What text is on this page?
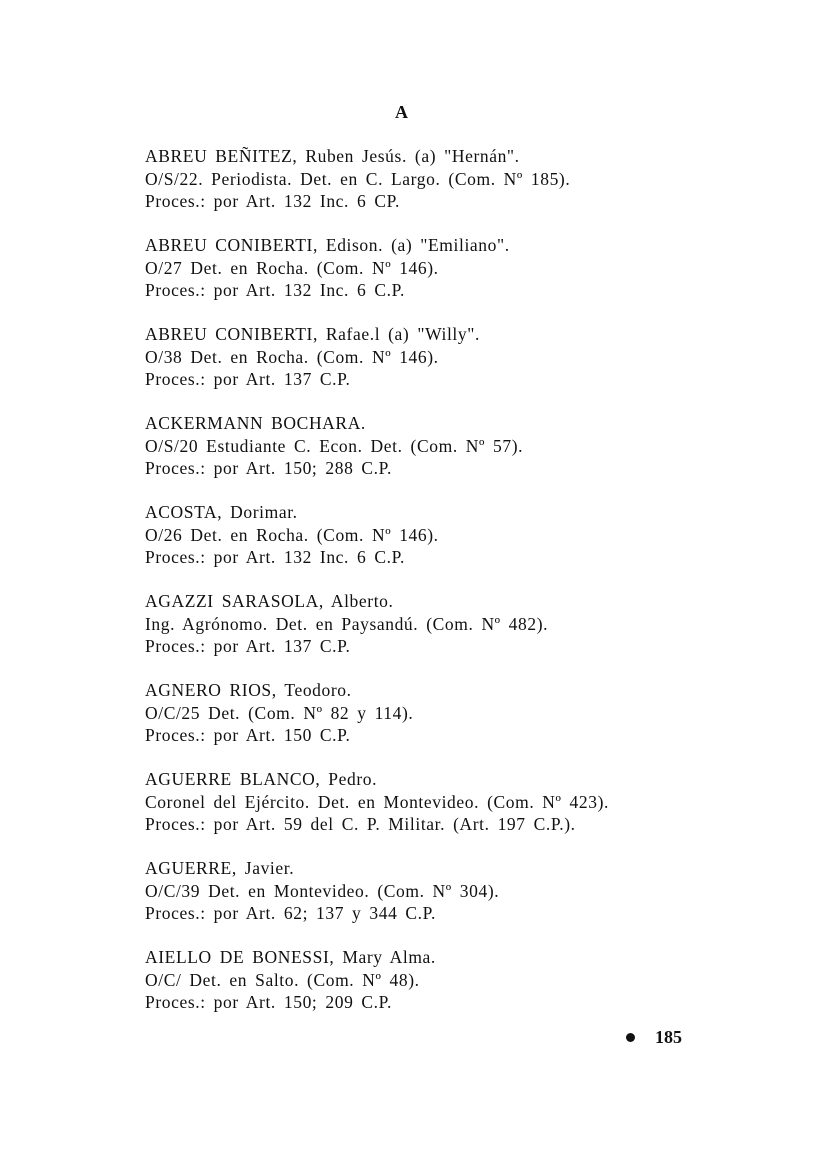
A
ABREU BEÑITEZ, Ruben Jesús. (a) "Hernán".
O/S/22. Periodista. Det. en C. Largo. (Com. Nº 185).
Proces.: por Art. 132 Inc. 6 CP.
ABREU CONIBERTI, Edison. (a) "Emiliano".
O/27 Det. en Rocha. (Com. Nº 146).
Proces.: por Art. 132 Inc. 6 C.P.
ABREU CONIBERTI, Rafae.l (a) "Willy".
O/38 Det. en Rocha. (Com. Nº 146).
Proces.: por Art. 137 C.P.
ACKERMANN BOCHARA.
O/S/20 Estudiante C. Econ. Det. (Com. Nº 57).
Proces.: por Art. 150; 288 C.P.
ACOSTA, Dorimar.
O/26 Det. en Rocha. (Com. Nº 146).
Proces.: por Art. 132 Inc. 6 C.P.
AGAZZI SARASOLA, Alberto.
Ing. Agrónomo. Det. en Paysandú. (Com. Nº 482).
Proces.: por Art. 137 C.P.
AGNERO RIOS, Teodoro.
O/C/25 Det. (Com. Nº 82 y 114).
Proces.: por Art. 150 C.P.
AGUERRE BLANCO, Pedro.
Coronel del Ejército. Det. en Montevideo. (Com. Nº 423).
Proces.: por Art. 59 del C. P. Militar. (Art. 197 C.P.).
AGUERRE, Javier.
O/C/39 Det. en Montevideo. (Com. Nº 304).
Proces.: por Art. 62; 137 y 344 C.P.
AIELLO DE BONESSI, Mary Alma.
O/C/ Det. en Salto. (Com. Nº 48).
Proces.: por Art. 150; 209 C.P.
185
